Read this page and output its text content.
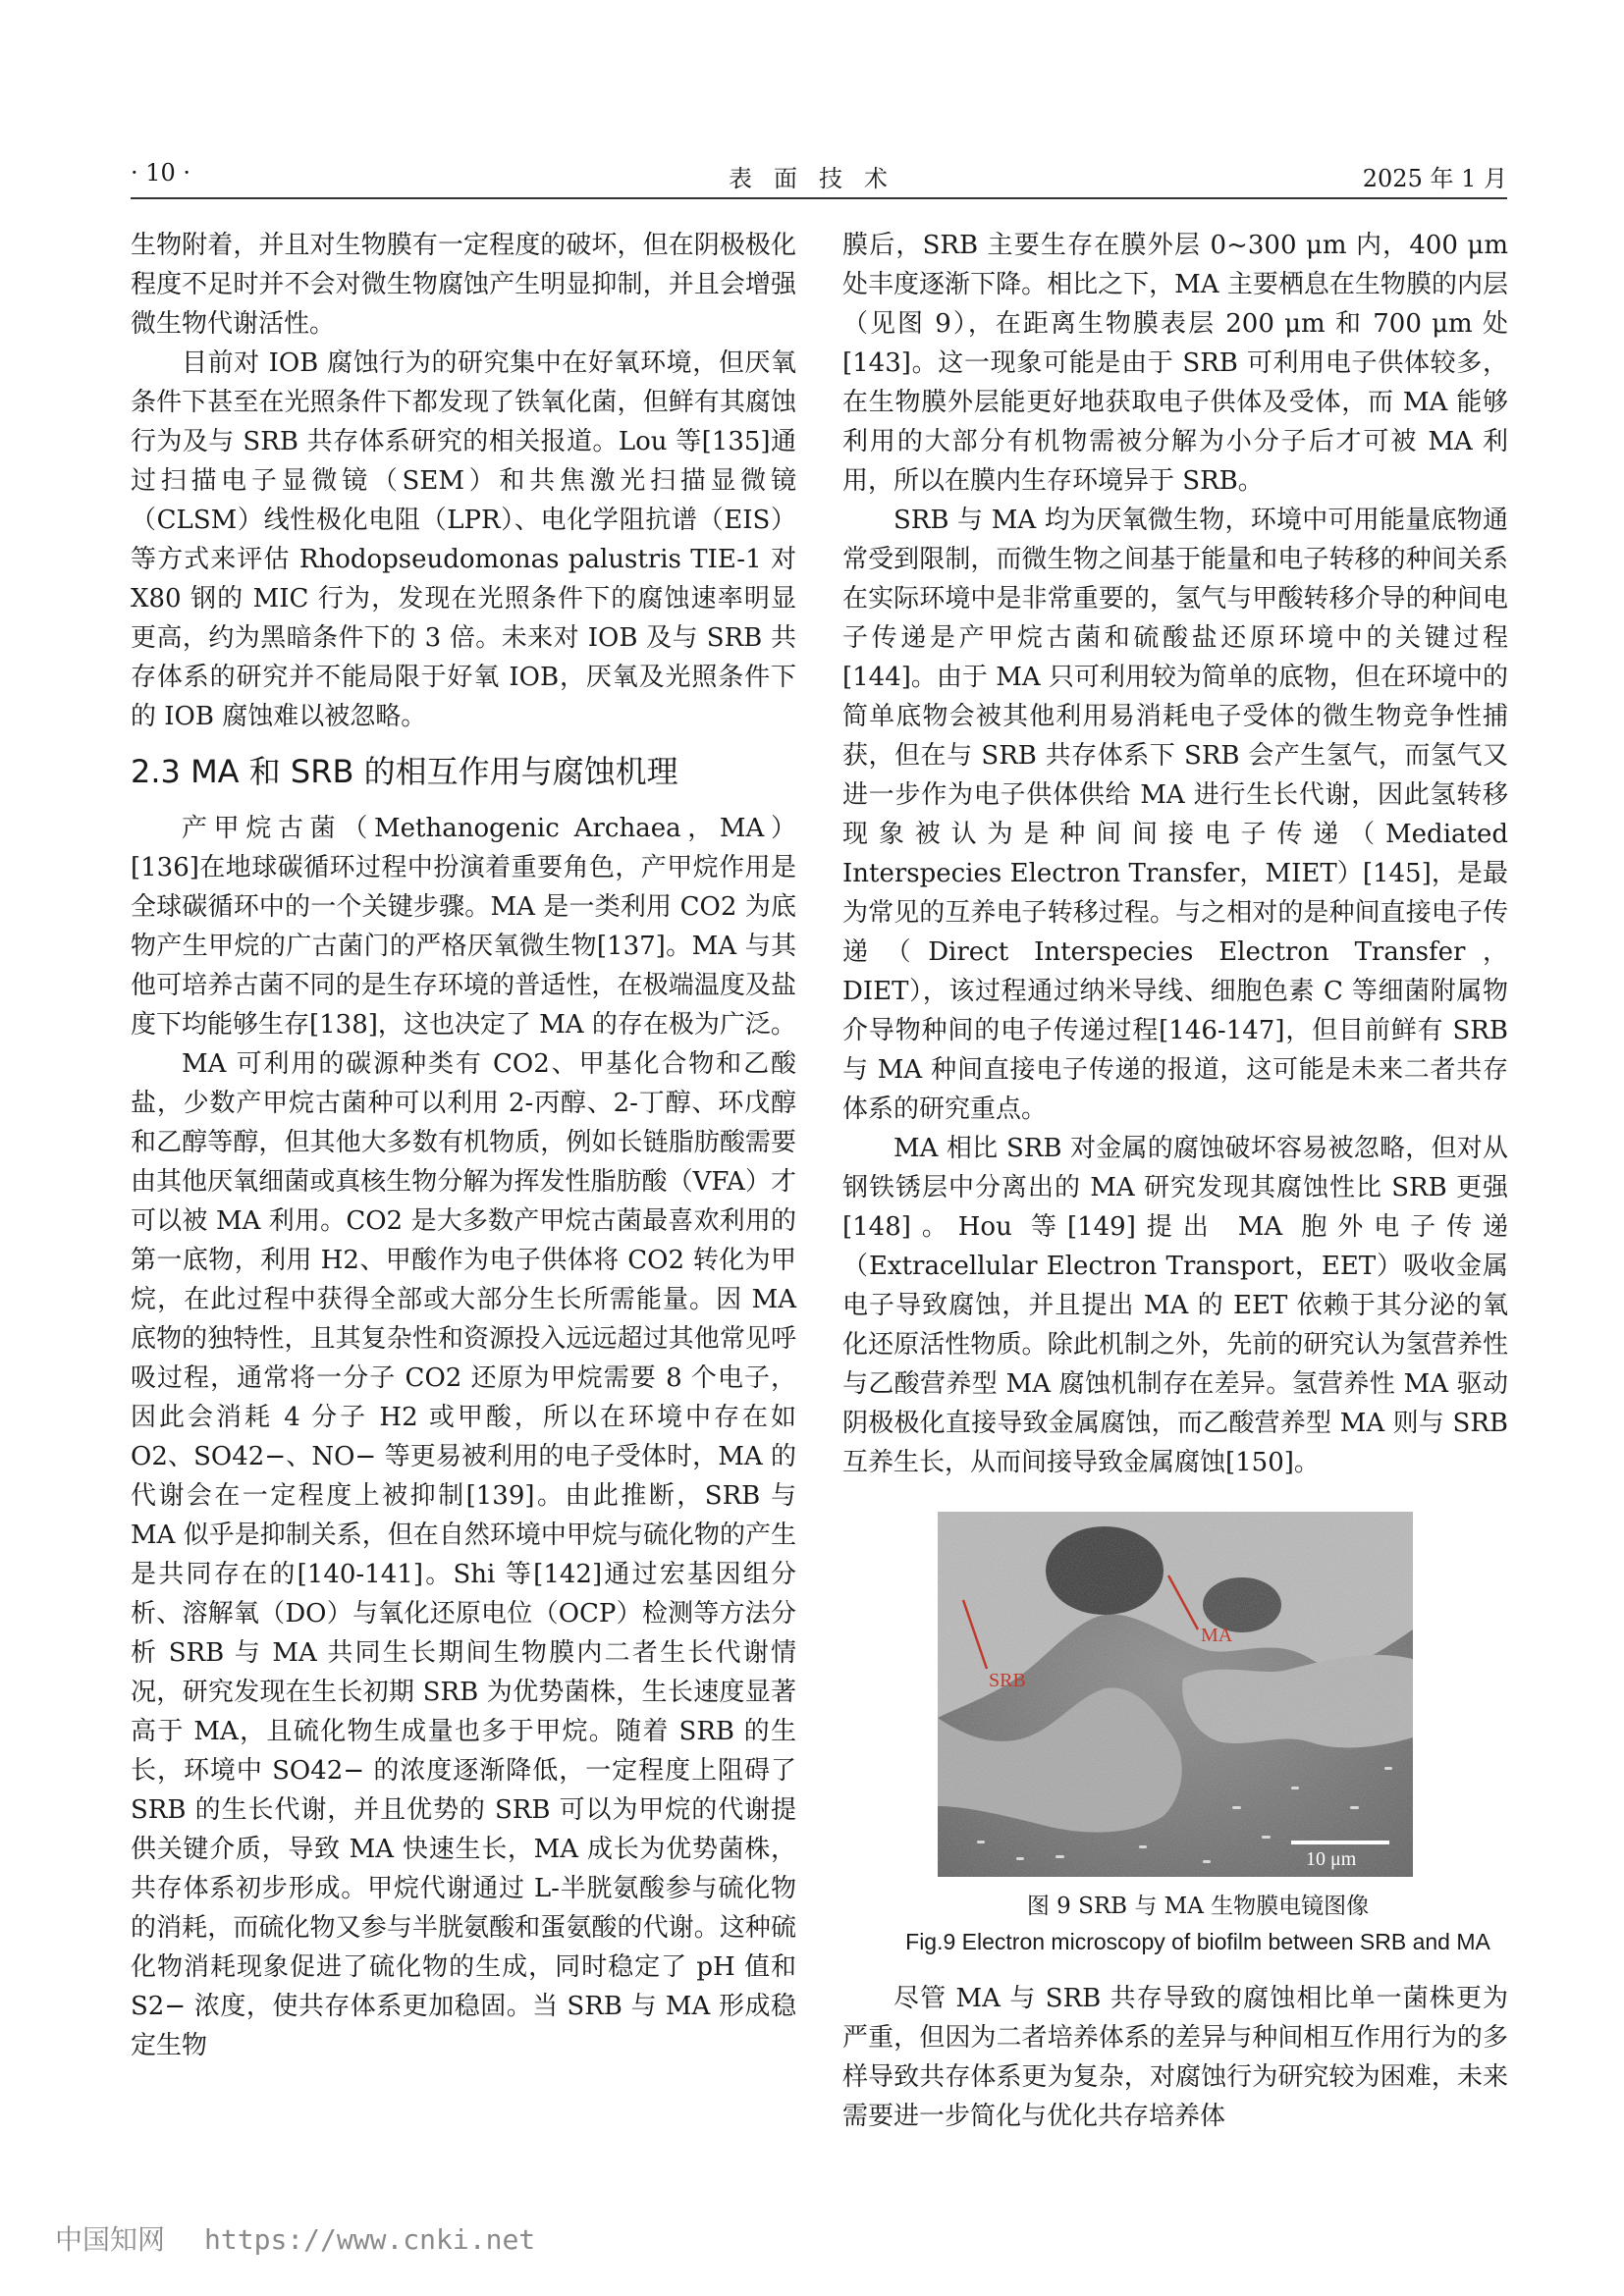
· 10 ·	表面技术	2025 年 1 月

生物附着，并且对生物膜有一定程度的破坏，但在阴极极化程度不足时并不会对微生物腐蚀产生明显抑制，并且会增强微生物代谢活性。

目前对 IOB 腐蚀行为的研究集中在好氧环境，但厌氧条件下甚至在光照条件下都发现了铁氧化菌，但鲜有其腐蚀行为及与 SRB 共存体系研究的相关报道。Lou 等[135]通过扫描电子显微镜（SEM）和共焦激光扫描显微镜（CLSM）线性极化电阻（LPR）、电化学阻抗谱（EIS）等方式来评估 Rhodopseudomonas palustris TIE-1 对 X80 钢的 MIC 行为，发现在光照条件下的腐蚀速率明显更高，约为黑暗条件下的 3 倍。未来对 IOB 及与 SRB 共存体系的研究并不能局限于好氧 IOB，厌氧及光照条件下的 IOB 腐蚀难以被忽略。

2.3 MA 和 SRB 的相互作用与腐蚀机理

产甲烷古菌（Methanogenic Archaea，MA）[136]在地球碳循环过程中扮演着重要角色，产甲烷作用是全球碳循环中的一个关键步骤。MA 是一类利用 CO2 为底物产生甲烷的广古菌门的严格厌氧微生物[137]。MA 与其他可培养古菌不同的是生存环境的普适性，在极端温度及盐度下均能够生存[138]，这也决定了 MA 的存在极为广泛。

MA 可利用的碳源种类有 CO2、甲基化合物和乙酸盐，少数产甲烷古菌种可以利用 2-丙醇、2-丁醇、环戊醇和乙醇等醇，但其他大多数有机物质，例如长链脂肪酸需要由其他厌氧细菌或真核生物分解为挥发性脂肪酸（VFA）才可以被 MA 利用。CO2 是大多数产甲烷古菌最喜欢利用的第一底物，利用 H2、甲酸作为电子供体将 CO2 转化为甲烷，在此过程中获得全部或大部分生长所需能量。因 MA 底物的独特性，且其复杂性和资源投入远远超过其他常见呼吸过程，通常将一分子 CO2 还原为甲烷需要 8 个电子，因此会消耗 4 分子 H2 或甲酸，所以在环境中存在如 O2、SO42−、NO− 等更易被利用的电子受体时，MA 的代谢会在一定程度上被抑制[139]。由此推断，SRB 与 MA 似乎是抑制关系，但在自然环境中甲烷与硫化物的产生是共同存在的[140-141]。Shi 等[142]通过宏基因组分析、溶解氧（DO）与氧化还原电位（OCP）检测等方法分析 SRB 与 MA 共同生长期间生物膜内二者生长代谢情况，研究发现在生长初期 SRB 为优势菌株，生长速度显著高于 MA，且硫化物生成量也多于甲烷。随着 SRB 的生长，环境中 SO42− 的浓度逐渐降低，一定程度上阻碍了 SRB 的生长代谢，并且优势的 SRB 可以为甲烷的代谢提供关键介质，导致 MA 快速生长，MA 成长为优势菌株，共存体系初步形成。甲烷代谢通过 L-半胱氨酸参与硫化物的消耗，而硫化物又参与半胱氨酸和蛋氨酸的代谢。这种硫化物消耗现象促进了硫化物的生成，同时稳定了 pH 值和 S2− 浓度，使共存体系更加稳固。当 SRB 与 MA 形成稳定生物

膜后，SRB 主要生存在膜外层 0~300 μm 内，400 μm 处丰度逐渐下降。相比之下，MA 主要栖息在生物膜的内层（见图 9），在距离生物膜表层 200 μm 和 700 μm 处[143]。这一现象可能是由于 SRB 可利用电子供体较多，在生物膜外层能更好地获取电子供体及受体，而 MA 能够利用的大部分有机物需被分解为小分子后才可被 MA 利用，所以在膜内生存环境异于 SRB。

SRB 与 MA 均为厌氧微生物，环境中可用能量底物通常受到限制，而微生物之间基于能量和电子转移的种间关系在实际环境中是非常重要的，氢气与甲酸转移介导的种间电子传递是产甲烷古菌和硫酸盐还原环境中的关键过程[144]。由于 MA 只可利用较为简单的底物，但在环境中的简单底物会被其他利用易消耗电子受体的微生物竞争性捕获，但在与 SRB 共存体系下 SRB 会产生氢气，而氢气又进一步作为电子供体供给 MA 进行生长代谢，因此氢转移现象被认为是种间间接电子传递（Mediated Interspecies Electron Transfer，MIET）[145]，是最为常见的互养电子转移过程。与之相对的是种间直接电子传递（Direct Interspecies Electron Transfer，DIET），该过程通过纳米导线、细胞色素 C 等细菌附属物介导物种间的电子传递过程[146-147]，但目前鲜有 SRB 与 MA 种间直接电子传递的报道，这可能是未来二者共存体系的研究重点。

MA 相比 SRB 对金属的腐蚀破坏容易被忽略，但对从钢铁锈层中分离出的 MA 研究发现其腐蚀性比 SRB 更强[148]。Hou 等[149]提出 MA 胞外电子传递（Extracellular Electron Transport，EET）吸收金属电子导致腐蚀，并且提出 MA 的 EET 依赖于其分泌的氧化还原活性物质。除此机制之外，先前的研究认为氢营养性与乙酸营养型 MA 腐蚀机制存在差异。氢营养性 MA 驱动阴极极化直接导致金属腐蚀，而乙酸营养型 MA 则与 SRB 互养生长，从而间接导致金属腐蚀[150]。

SRB
MA
10 μm

图 9 SRB 与 MA 生物膜电镜图像

Fig.9 Electron microscopy of biofilm between SRB and MA

尽管 MA 与 SRB 共存导致的腐蚀相比单一菌株更为严重，但因为二者培养体系的差异与种间相互作用行为的多样导致共存体系更为复杂，对腐蚀行为研究较为困难，未来需要进一步简化与优化共存培养体

中国知网 https://www.cnki.net
